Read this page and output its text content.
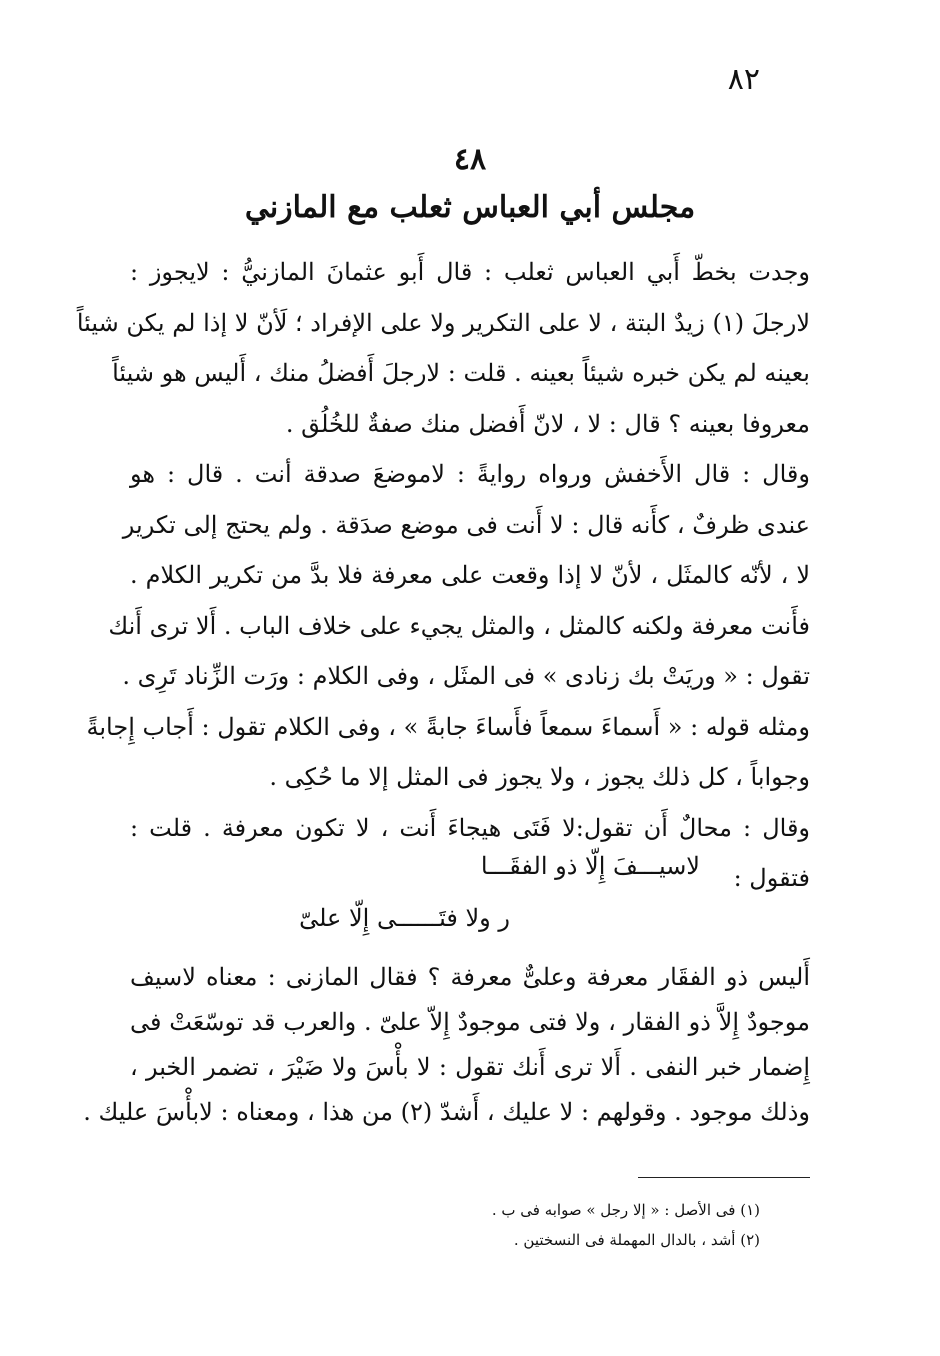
٨٢
٤٨
مجلس أبي العباس ثعلب مع المازني
وجدت بخطّ أَبي العباس ثعلب : قال أَبو عثمانَ المازنيُّ : لايجوز :
لارجلَ (١) زيدٌ البتة ، لا على التكرير ولا على الإفراد ؛ لَأنّ لا إذا لم يكن شيئاً
بعينه لم يكن خبره شيئاً بعينه . قلت : لارجلَ أَفضلُ منك ، أَليس هو شيئاً
معروفا بعينه ؟ قال : لا ، لانّ أَفضل منك صفةٌ للخُلُق .
وقال : قال الأَخفش ورواه روايةً : لاموضعَ صدقة أنت . قال : هو
عندى ظرفٌ ، كأَنه قال : لا أَنت فى موضع صدَقة . ولم يحتج إلى تكرير
لا ، لأنّه كالمثَل ، لأنّ لا إذا وقعت على معرفة فلا بدَّ من تكرير الكلام .
فأَنت معرفة ولكنه كالمثل ، والمثل يجيء على خلاف الباب . أَلا ترى أَنك
تقول : « وريَتْ بك زنادى » فى المثَل ، وفى الكلام : ورَت الزِّناد تَرِى .
ومثله قوله : « أَسماءَ سمعاً فأَساءَ جابةً » ، وفى الكلام تقول : أَجاب إِجابةً
وجواباً ، كل ذلك يجوز ، ولا يجوز فى المثل إلا ما حُكِى .
وقال : محالٌ أَن تقول:لا فَتَى هيجاءَ أَنت ، لا تكون معرفة . قلت :
فتقول :
لاسيـــفَ إِلّا ذو الفقَـــا
ر ولا فتَــــــى إِلّا علىّ
أَليس ذو الفقَار معرفة وعلىٌّ معرفة ؟ فقال المازنى : معناه لاسيف
موجودٌ إِلاَّ ذو الفقار ، ولا فتى موجودٌ إِلاّ علىّ . والعرب قد توسّعَتْ فى
إِضمار خبر النفى . أَلا ترى أَنك تقول : لا بأْسَ ولا ضَيْرَ ، تضمر الخبر ،
وذلك موجود . وقولهم : لا عليك ، أَشدّ (٢) من هذا ، ومعناه : لابأْسَ عليك .
(١) فى الأصل : « إلا رجل » صوابه فى ب .
(٢) أشد ، بالدال المهملة فى النسختين .
